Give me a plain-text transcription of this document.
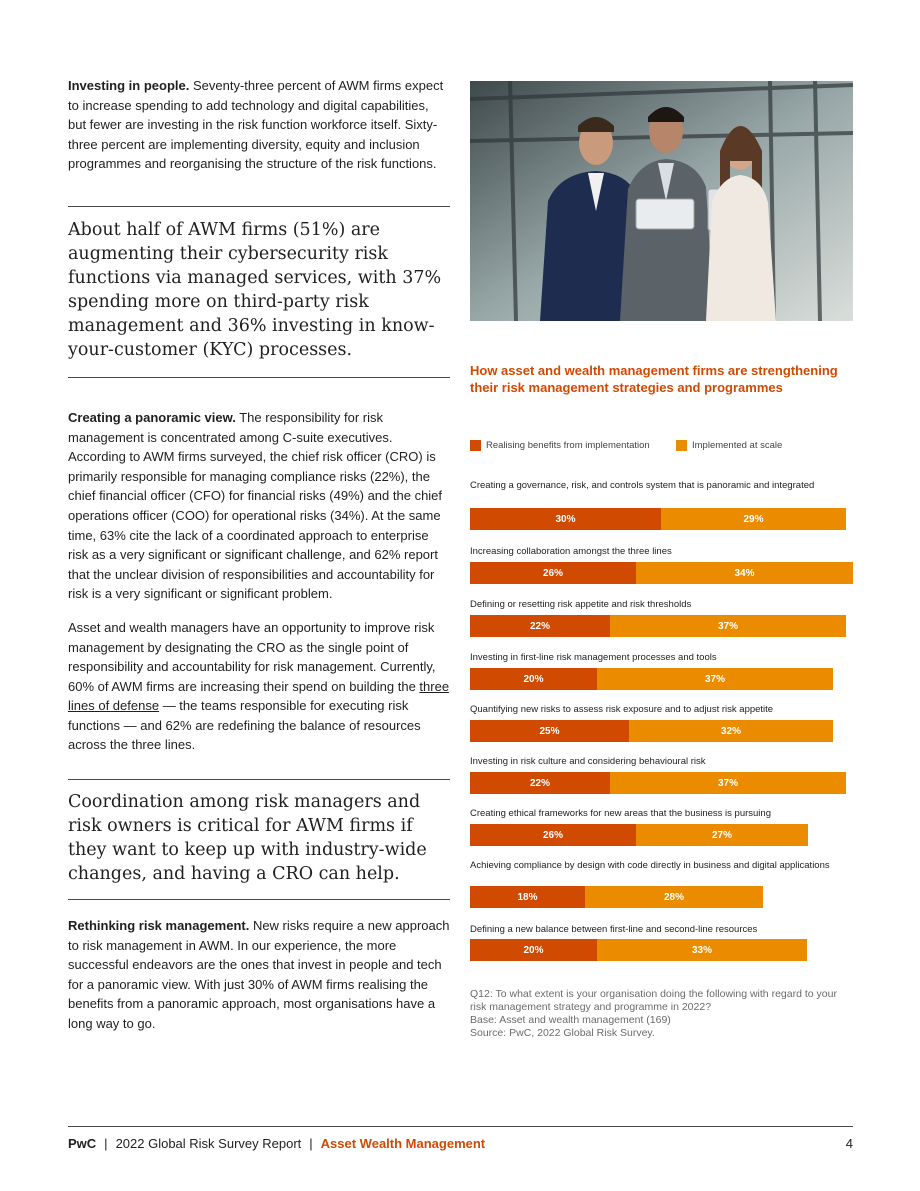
Investing in people. Seventy-three percent of AWM firms expect to increase spending to add technology and digital capabilities, but fewer are investing in the risk function workforce itself. Sixty-three percent are implementing diversity, equity and inclusion programmes and reorganising the structure of the risk functions.

About half of AWM firms (51%) are augmenting their cybersecurity risk functions via managed services, with 37% spending more on third-party risk management and 36% investing in know-your-customer (KYC) processes.

Creating a panoramic view. The responsibility for risk management is concentrated among C-suite executives. According to AWM firms surveyed, the chief risk officer (CRO) is primarily responsible for managing compliance risks (22%), the chief financial officer (CFO) for financial risks (49%) and the chief operations officer (COO) for operational risks (34%). At the same time, 63% cite the lack of a coordinated approach to enterprise risk as a very significant or significant challenge, and 62% report that the unclear division of responsibilities and accountability for risk is a very significant or significant problem.

Asset and wealth managers have an opportunity to improve risk management by designating the CRO as the single point of responsibility and accountability for risk management. Currently, 60% of AWM firms are increasing their spend on building the three lines of defense — the teams responsible for executing risk functions — and 62% are redefining the balance of resources across the three lines.

Coordination among risk managers and risk owners is critical for AWM firms if they want to keep up with industry-wide changes, and having a CRO can help.

Rethinking risk management. New risks require a new approach to risk management in AWM. In our experience, the more successful endeavors are the ones that invest in people and tech for a panoramic view. With just 30% of AWM firms realising the benefits from a panoramic approach, most organisations have a long way to go.

How asset and wealth management firms are strengthening their risk management strategies and programmes

Realising benefits from implementation	Implemented at scale
Creating a governance, risk, and controls system that is panoramic and integrated
30%	29%
Increasing collaboration amongst the three lines
26%	34%
Defining or resetting risk appetite and risk thresholds
22%	37%
Investing in first-line risk management processes and tools
20%	37%
Quantifying new risks to assess risk exposure and to adjust risk appetite
25%	32%
Investing in risk culture and considering behavioural risk
22%	37%
Creating ethical frameworks for new areas that the business is pursuing
26%	27%
Achieving compliance by design with code directly in business and digital applications
18%	28%
Defining a new balance between first-line and second-line resources
20%	33%
Q12: To what extent is your organisation doing the following with regard to your risk management strategy and programme in 2022?
Base: Asset and wealth management (169)
Source: PwC, 2022 Global Risk Survey.
PwC | 2022 Global Risk Survey Report | Asset Wealth Management	4
